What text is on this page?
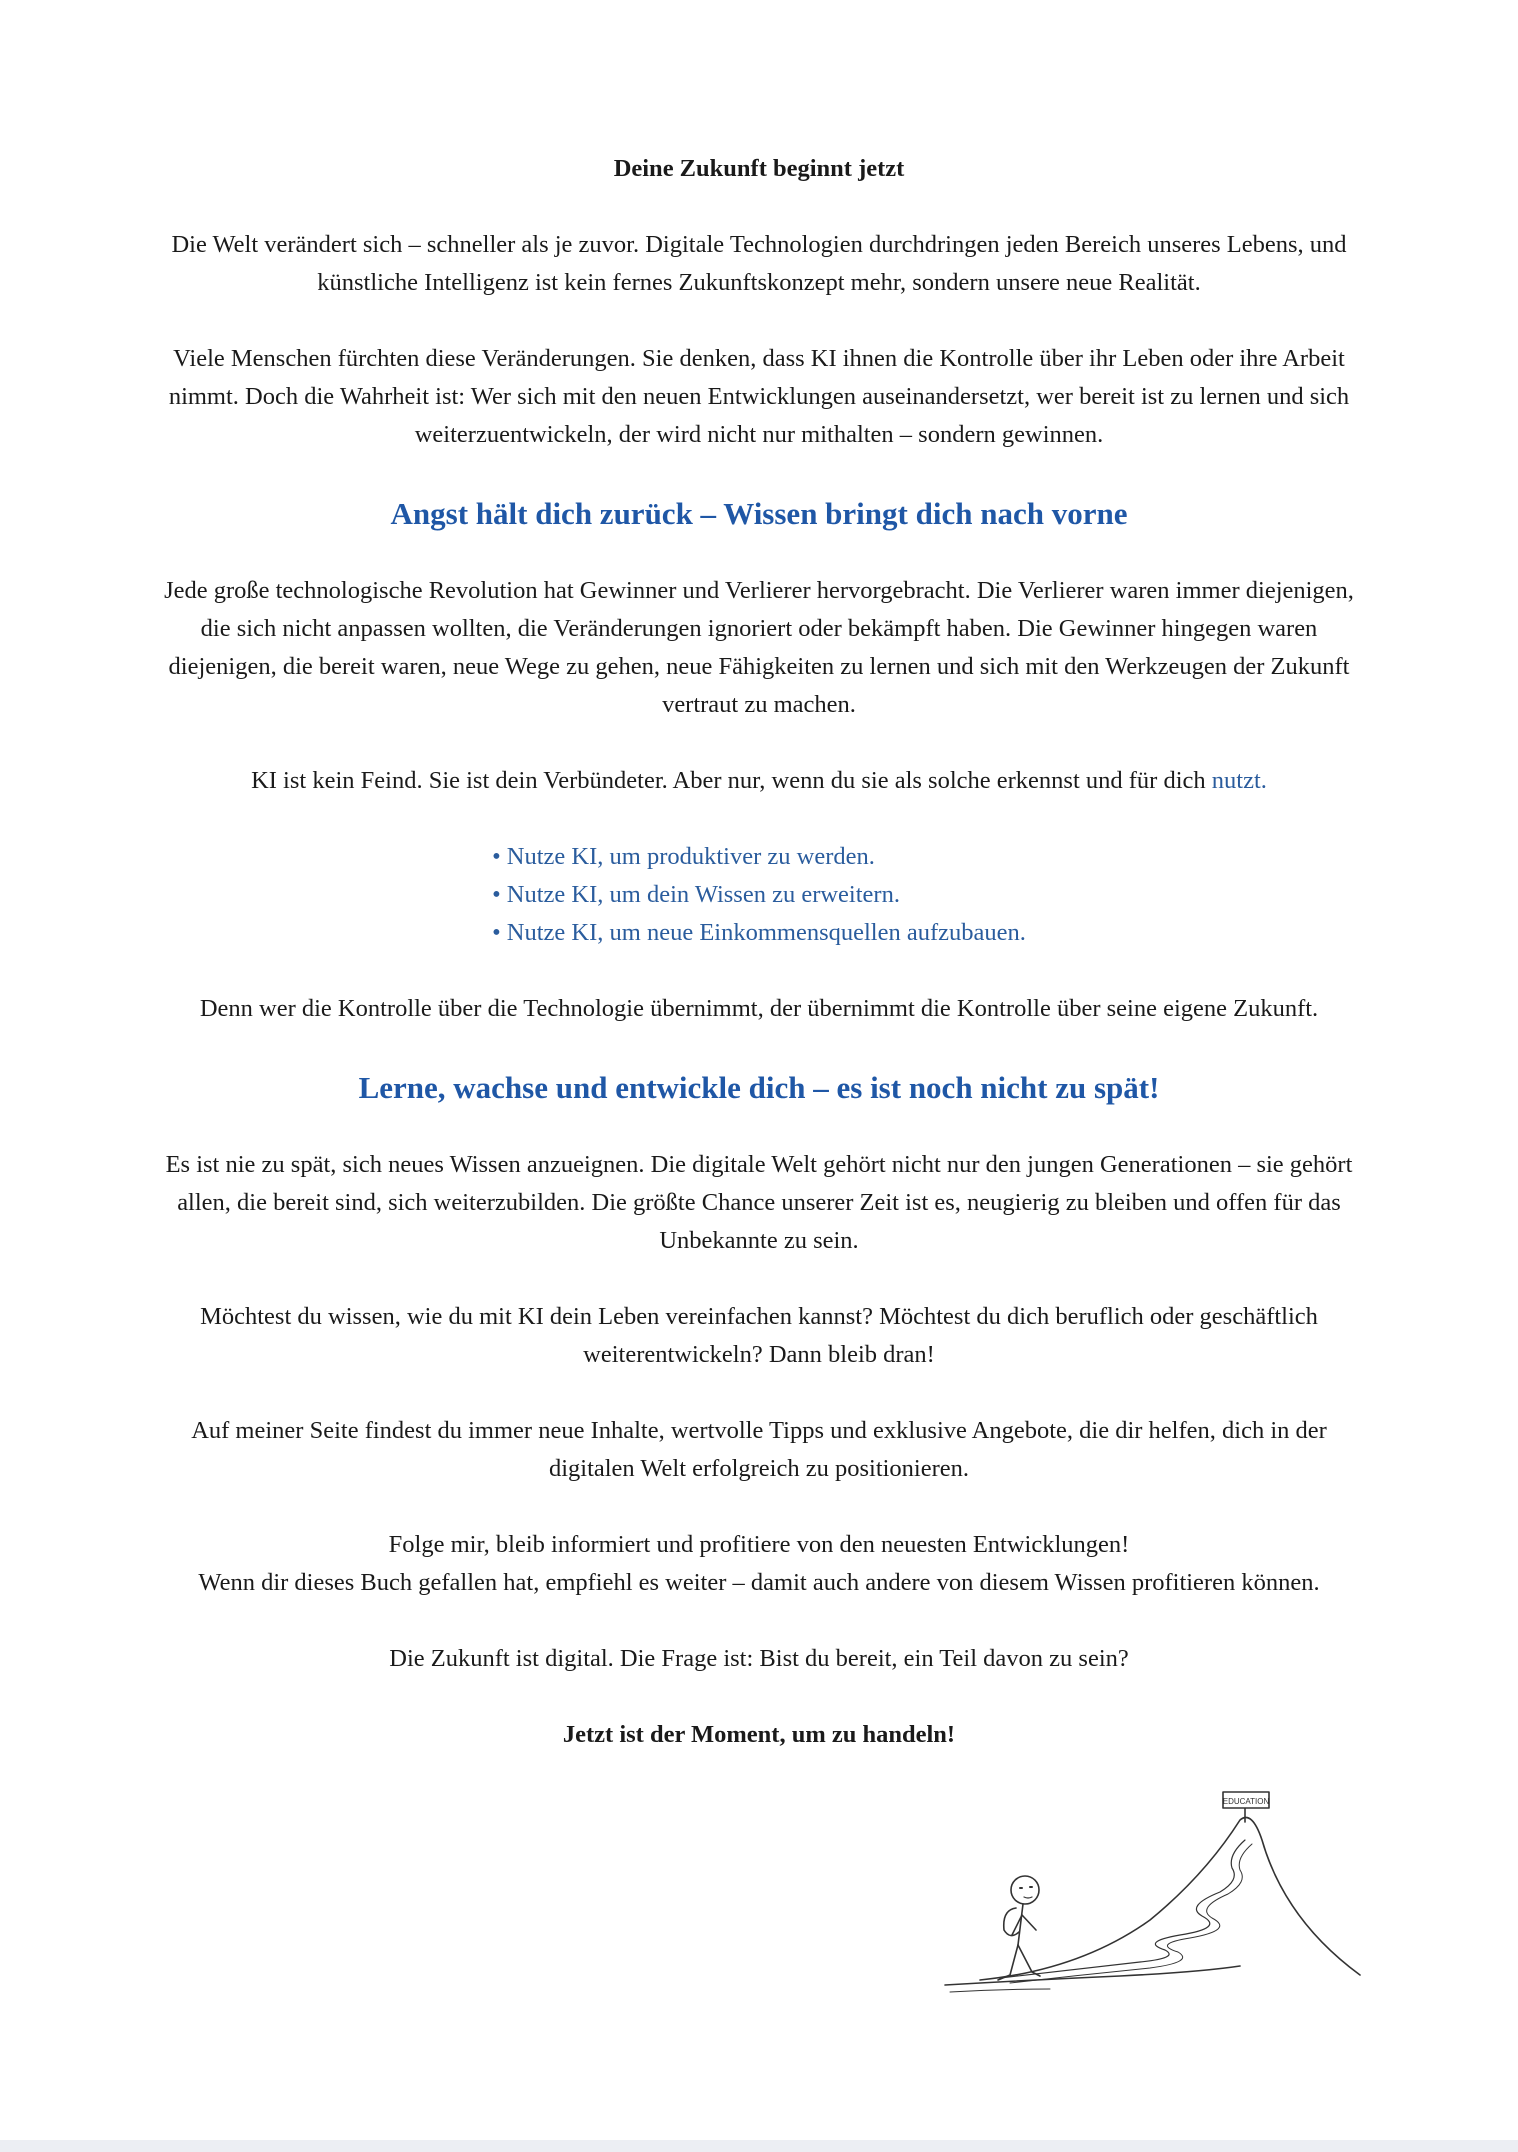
Deine Zukunft beginnt jetzt

Die Welt verändert sich – schneller als je zuvor. Digitale Technologien durchdringen jeden Bereich unseres Lebens, und künstliche Intelligenz ist kein fernes Zukunftskonzept mehr, sondern unsere neue Realität.

Viele Menschen fürchten diese Veränderungen. Sie denken, dass KI ihnen die Kontrolle über ihr Leben oder ihre Arbeit nimmt. Doch die Wahrheit ist: Wer sich mit den neuen Entwicklungen auseinandersetzt, wer bereit ist zu lernen und sich weiterzuentwickeln, der wird nicht nur mithalten – sondern gewinnen.

Angst hält dich zurück – Wissen bringt dich nach vorne

Jede große technologische Revolution hat Gewinner und Verlierer hervorgebracht. Die Verlierer waren immer diejenigen, die sich nicht anpassen wollten, die Veränderungen ignoriert oder bekämpft haben. Die Gewinner hingegen waren diejenigen, die bereit waren, neue Wege zu gehen, neue Fähigkeiten zu lernen und sich mit den Werkzeugen der Zukunft vertraut zu machen.

KI ist kein Feind. Sie ist dein Verbündeter. Aber nur, wenn du sie als solche erkennst und für dich nutzt.

• Nutze KI, um produktiver zu werden.
• Nutze KI, um dein Wissen zu erweitern.
• Nutze KI, um neue Einkommensquellen aufzubauen.

Denn wer die Kontrolle über die Technologie übernimmt, der übernimmt die Kontrolle über seine eigene Zukunft.

Lerne, wachse und entwickle dich – es ist noch nicht zu spät!

Es ist nie zu spät, sich neues Wissen anzueignen. Die digitale Welt gehört nicht nur den jungen Generationen – sie gehört allen, die bereit sind, sich weiterzubilden. Die größte Chance unserer Zeit ist es, neugierig zu bleiben und offen für das Unbekannte zu sein.

Möchtest du wissen, wie du mit KI dein Leben vereinfachen kannst? Möchtest du dich beruflich oder geschäftlich weiterentwickeln? Dann bleib dran!

Auf meiner Seite findest du immer neue Inhalte, wertvolle Tipps und exklusive Angebote, die dir helfen, dich in der digitalen Welt erfolgreich zu positionieren.

Folge mir, bleib informiert und profitiere von den neuesten Entwicklungen!

Wenn dir dieses Buch gefallen hat, empfiehl es weiter – damit auch andere von diesem Wissen profitieren können.

Die Zukunft ist digital. Die Frage ist: Bist du bereit, ein Teil davon zu sein?

Jetzt ist der Moment, um zu handeln!

EDUCATION
